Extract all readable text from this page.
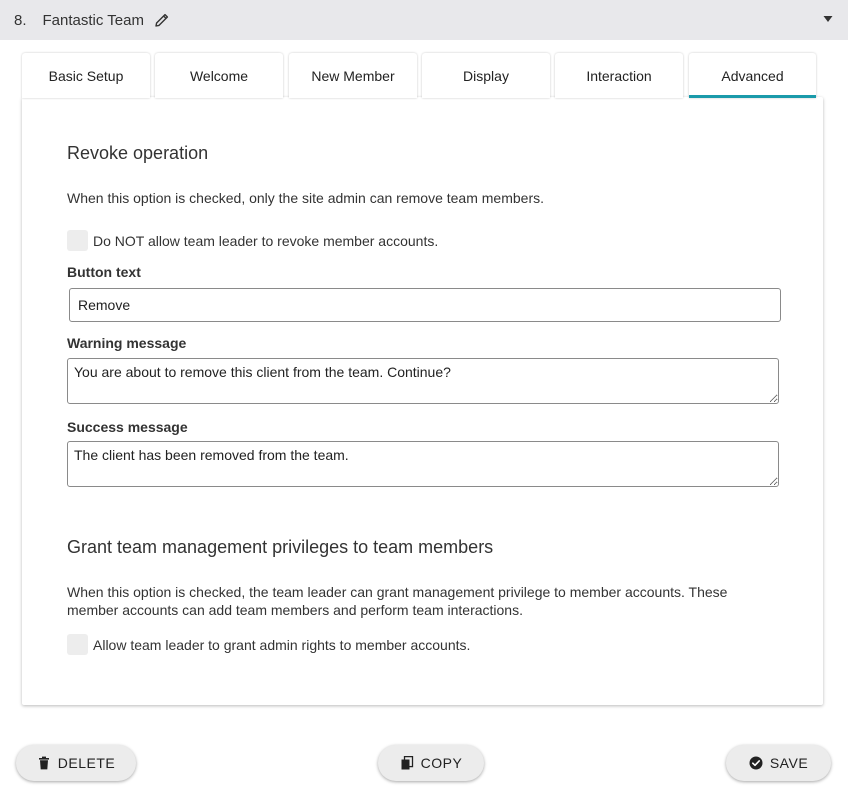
8. Fantastic Team
Basic Setup	Welcome	New Member	Display	Interaction	Advanced
Revoke operation
When this option is checked, only the site admin can remove team members.
Do NOT allow team leader to revoke member accounts.
Button text
Remove
Warning message
You are about to remove this client from the team. Continue?
Success message
The client has been removed from the team.
Grant team management privileges to team members
When this option is checked, the team leader can grant management privilege to member accounts. These member accounts can add team members and perform team interactions.
Allow team leader to grant admin rights to member accounts.
DELETE	COPY	SAVE
